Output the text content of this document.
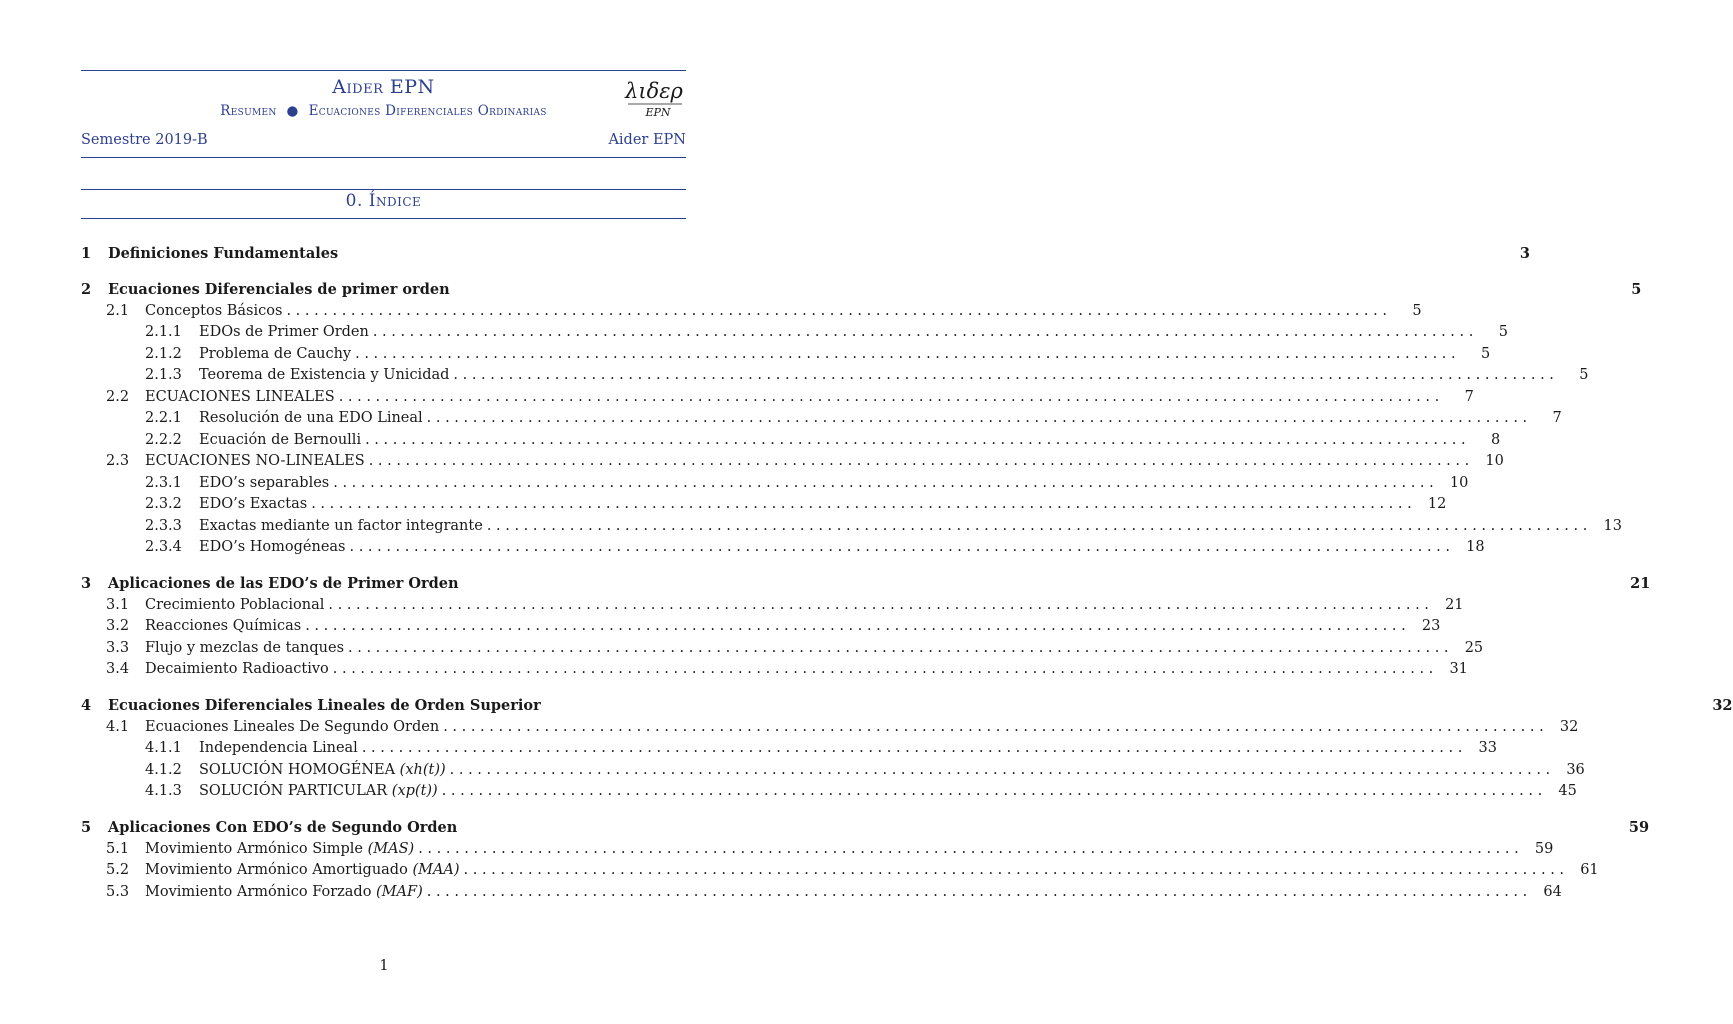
Aider EPN
Resumen ● Ecuaciones Diferenciales Ordinarias
λιδερ
EPN
Semestre 2019-B	Aider EPN
0. Índice
1 Definiciones Fundamentales	3
2 Ecuaciones Diferenciales de primer orden	5
2.1 Conceptos Básicos ........................................................................................................................	5
2.1.1 EDOs de Primer Orden ........................................................................................................................	5
2.1.2 Problema de Cauchy ........................................................................................................................	5
2.1.3 Teorema de Existencia y Unicidad ........................................................................................................................	5
2.2 ECUACIONES LINEALES ........................................................................................................................	7
2.2.1 Resolución de una EDO Lineal ........................................................................................................................	7
2.2.2 Ecuación de Bernoulli ........................................................................................................................	8
2.3 ECUACIONES NO-LINEALES ........................................................................................................................ 10
2.3.1 EDO’s separables ........................................................................................................................ 10
2.3.2 EDO’s Exactas ........................................................................................................................ 12
2.3.3 Exactas mediante un factor integrante ........................................................................................................................ 13
2.3.4 EDO’s Homogéneas ........................................................................................................................ 18
3 Aplicaciones de las EDO’s de Primer Orden	21
3.1 Crecimiento Poblacional ........................................................................................................................ 21
3.2 Reacciones Químicas ........................................................................................................................ 23
3.3 Flujo y mezclas de tanques ........................................................................................................................ 25
3.4 Decaimiento Radioactivo ........................................................................................................................ 31
4 Ecuaciones Diferenciales Lineales de Orden Superior	32
4.1 Ecuaciones Lineales De Segundo Orden ........................................................................................................................ 32
4.1.1 Independencia Lineal ........................................................................................................................ 33
4.1.2 SOLUCIÓN HOMOGÉNEA (xh(t)) ........................................................................................................................ 36
4.1.3 SOLUCIÓN PARTICULAR (xp(t)) ........................................................................................................................ 45
5 Aplicaciones Con EDO’s de Segundo Orden	59
5.1 Movimiento Armónico Simple (MAS) ........................................................................................................................ 59
5.2 Movimiento Armónico Amortiguado (MAA) ........................................................................................................................ 61
5.3 Movimiento Armónico Forzado (MAF) ........................................................................................................................ 64
1
